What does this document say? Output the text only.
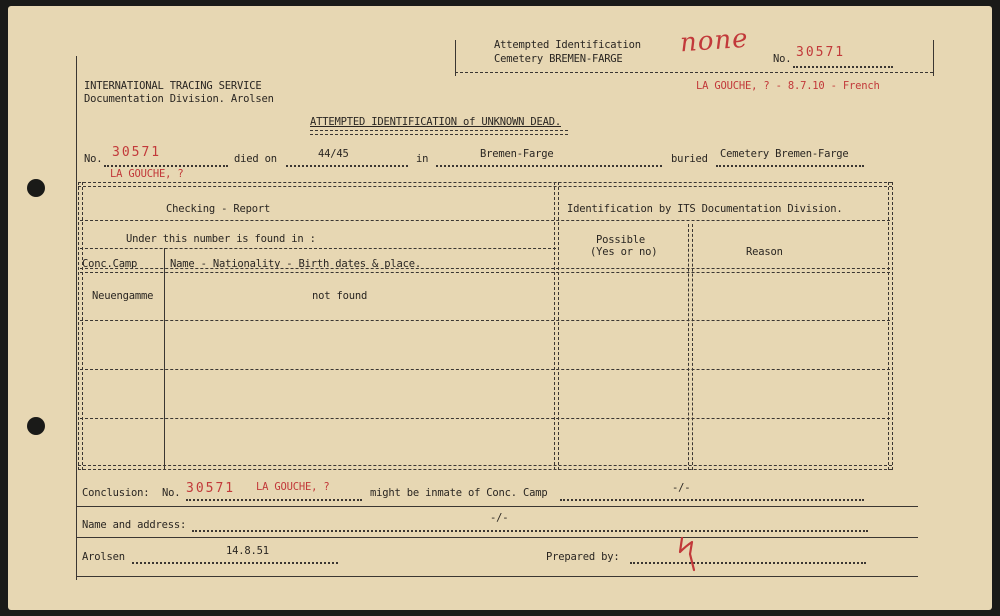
Attempted Identification
Cemetery BREMEN-FARGE
none
No. 30571
INTERNATIONAL TRACING SERVICE
Documentation Division. Arolsen
LA GOUCHE, ? - 8.7.10 - French
ATTEMPTED IDENTIFICATION of UNKNOWN DEAD.
No. 30571	died on	44/45	in	Bremen-Farge	buried Cemetery Bremen-Farge
LA GOUCHE, ?
Checking - Report	Identification by ITS Documentation Division.
Under this number is found in :
Conc.Camp	Name - Nationality - Birth dates & place.
Possible
(Yes or no)	Reason
Neuengamme	not found
Conclusion: No. 30571 LA GOUCHE, ?	might be inmate of Conc. Camp	-/-
Name and address:
-/-
Arolsen	14.8.51	Prepared by:
